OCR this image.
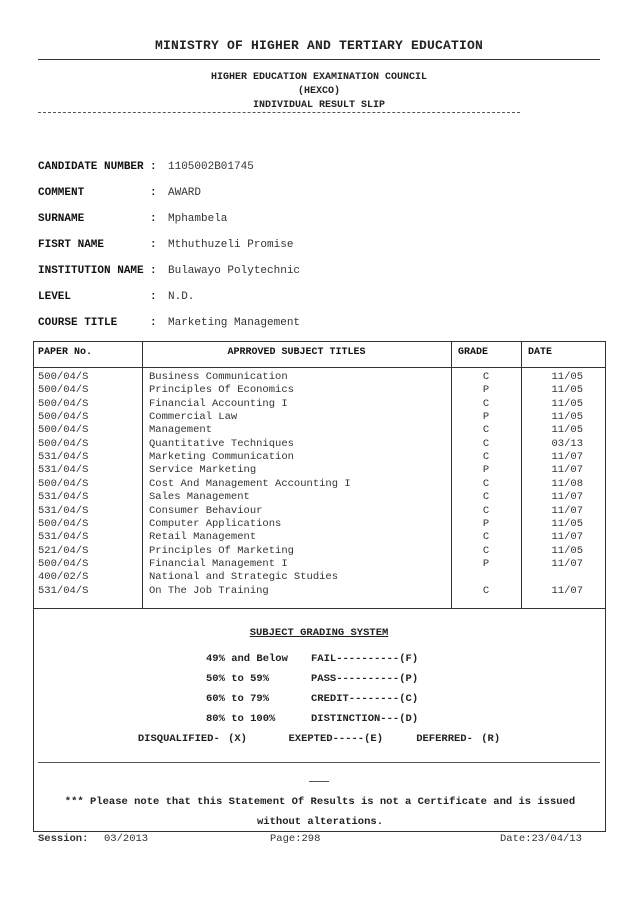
MINISTRY OF HIGHER AND TERTIARY EDUCATION
HIGHER EDUCATION EXAMINATION COUNCIL
(HEXCO)
INDIVIDUAL RESULT SLIP
CANDIDATE NUMBER : 1105002B01745
COMMENT	: AWARD
SURNAME	: Mphambela
FISRT NAME	: Mthuthuzeli Promise
INSTITUTION NAME : Bulawayo Polytechnic
LEVEL	: N.D.
COURSE TITLE	: Marketing Management
PAPER No.	APRROVED SUBJECT TITLES	GRADE	DATE
500/04/S	Business Communication	C	11/05
500/04/S	Principles Of Economics	P	11/05
500/04/S	Financial Accounting I	C	11/05
500/04/S	Commercial Law	P	11/05
500/04/S	Management	C	11/05
500/04/S	Quantitative Techniques	C	03/13
531/04/S	Marketing Communication	C	11/07
531/04/S	Service Marketing	P	11/07
500/04/S	Cost And Management Accounting I	C	11/08
531/04/S	Sales Management	C	11/07
531/04/S	Consumer Behaviour	C	11/07
500/04/S	Computer Applications	P	11/05
531/04/S	Retail Management	C	11/07
521/04/S	Principles Of Marketing	C	11/05
500/04/S	Financial Management I	P	11/07
400/02/S	National and Strategic Studies
531/04/S	On The Job Training	C	11/07
SUBJECT GRADING SYSTEM
49% and Below FAIL----------(F)
50% to 59%	PASS----------(P)
60% to 79%	CREDIT--------(C)
80% to 100%	DISTINCTION---(D)
DISQUALIFIED- (X)     EXEPTED-----(E)    DEFERRED- (R)
*** Please note that this Statement Of Results is not a Certificate and is issued without alterations.
Session: 03/2013	Page:298	Date:23/04/13
